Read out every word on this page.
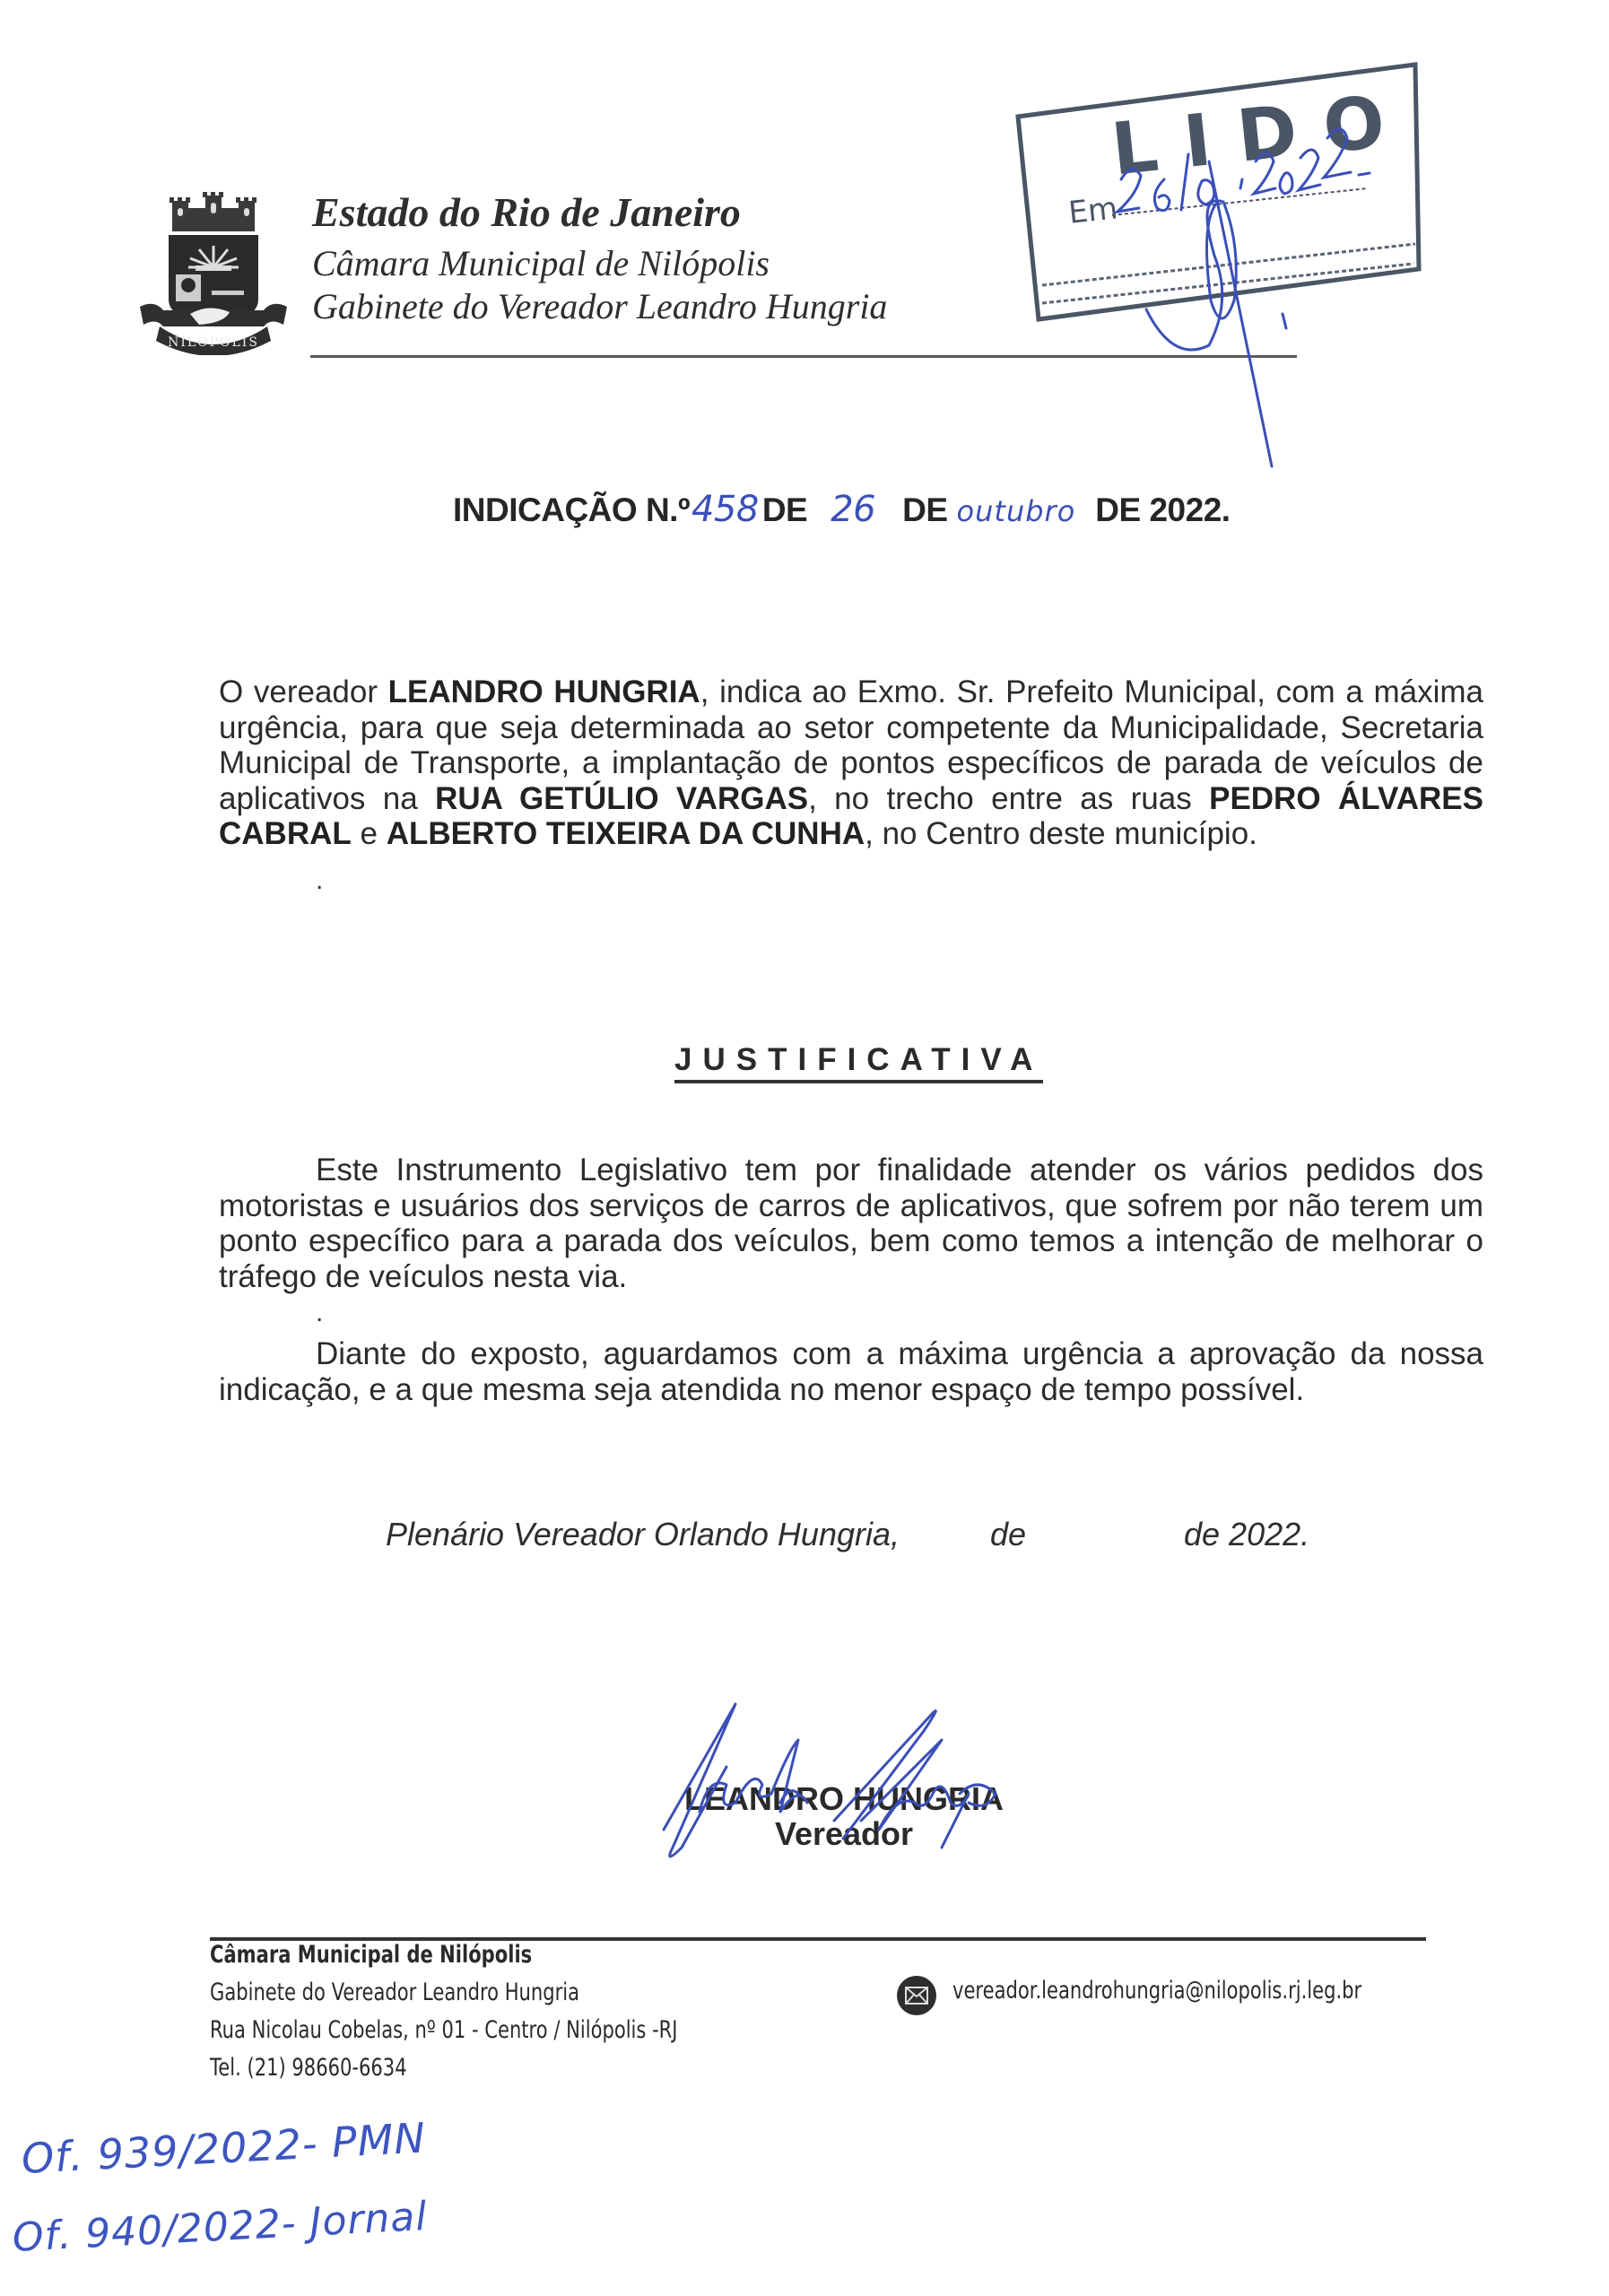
NILÓPOLIS
Estado do Rio de Janeiro
Câmara Municipal de Nilópolis
Gabinete do Vereador Leandro Hungria
LIDO
Em
INDICAÇÃO N.º458 DE 26 DE outubro DE 2022.
O vereador LEANDRO HUNGRIA, indica ao Exmo. Sr. Prefeito Municipal, com a máxima urgência, para que seja determinada ao setor competente da Municipalidade, Secretaria Municipal de Transporte, a implantação de pontos específicos de parada de veículos de aplicativos na RUA GETÚLIO VARGAS, no trecho entre as ruas PEDRO ÁLVARES CABRAL e ALBERTO TEIXEIRA DA CUNHA, no Centro deste município.
.
JUSTIFICATIVA
Este Instrumento Legislativo tem por finalidade atender os vários pedidos dos motoristas e usuários dos serviços de carros de aplicativos, que sofrem por não terem um ponto específico para a parada dos veículos, bem como temos a intenção de melhorar o tráfego de veículos nesta via.
.
Diante do exposto, aguardamos com a máxima urgência a aprovação da nossa indicação, e a que mesma seja atendida no menor espaço de tempo possível.
Plenário Vereador Orlando Hungria,	de	de 2022.
LEANDRO HUNGRIA
Vereador
Câmara Municipal de Nilópolis
Gabinete do Vereador Leandro Hungria
Rua Nicolau Cobelas, nº 01 - Centro / Nilópolis -RJ
Tel. (21) 98660-6634
vereador.leandrohungria@nilopolis.rj.leg.br
Of. 939/2022- PMN
Of. 940/2022- Jornal
